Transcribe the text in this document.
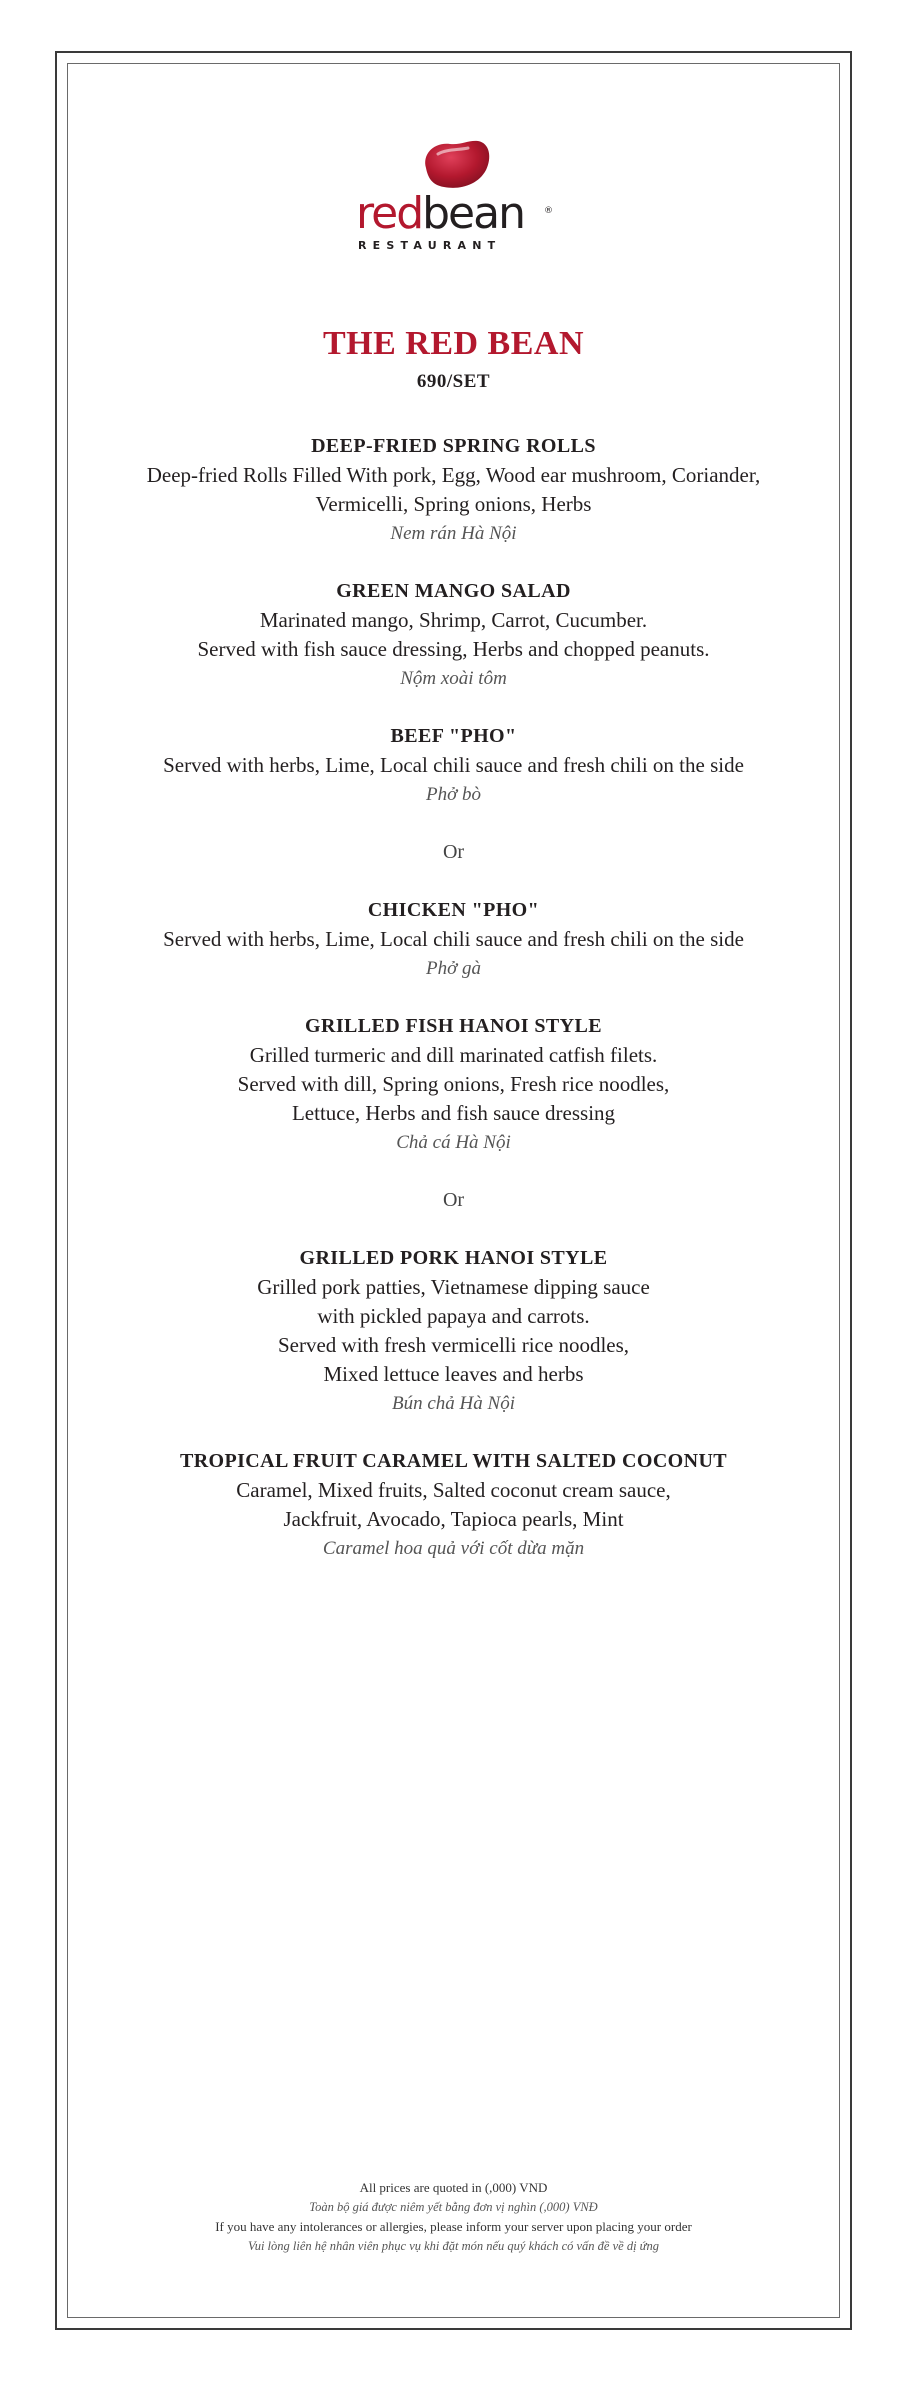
redbean ®
RESTAURANT
THE RED BEAN
690/SET
DEEP-FRIED SPRING ROLLS
Deep-fried Rolls Filled With pork, Egg, Wood ear mushroom, Coriander,
Vermicelli, Spring onions, Herbs
Nem rán Hà Nội
GREEN MANGO SALAD
Marinated mango, Shrimp, Carrot, Cucumber.
Served with fish sauce dressing, Herbs and chopped peanuts.
Nộm xoài tôm
BEEF "PHO"
Served with herbs, Lime, Local chili sauce and fresh chili on the side
Phở bò
Or
CHICKEN "PHO"
Served with herbs, Lime, Local chili sauce and fresh chili on the side
Phở gà
GRILLED FISH HANOI STYLE
Grilled turmeric and dill marinated catfish filets.
Served with dill, Spring onions, Fresh rice noodles,
Lettuce, Herbs and fish sauce dressing
Chả cá Hà Nội
Or
GRILLED PORK HANOI STYLE
Grilled pork patties, Vietnamese dipping sauce
with pickled papaya and carrots.
Served with fresh vermicelli rice noodles,
Mixed lettuce leaves and herbs
Bún chả Hà Nội
TROPICAL FRUIT CARAMEL WITH SALTED COCONUT
Caramel, Mixed fruits, Salted coconut cream sauce,
Jackfruit, Avocado, Tapioca pearls, Mint
Caramel hoa quả với cốt dừa mặn
All prices are quoted in (,000) VND
Toàn bộ giá được niêm yết bằng đơn vị nghìn (,000) VNĐ
If you have any intolerances or allergies, please inform your server upon placing your order
Vui lòng liên hệ nhân viên phục vụ khi đặt món nếu quý khách có vấn đề về dị ứng
